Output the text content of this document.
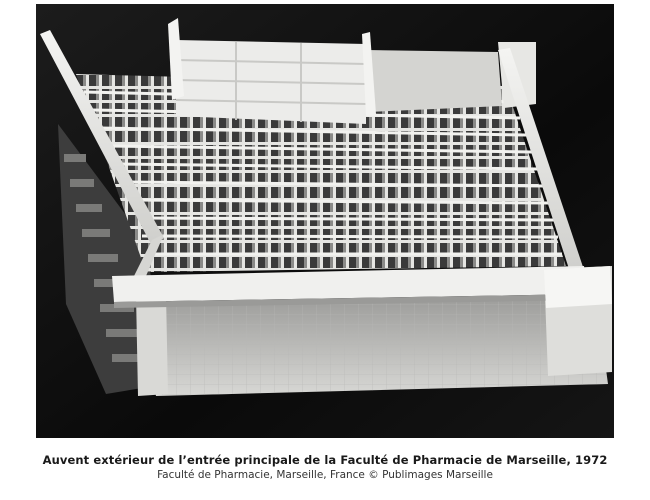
Auvent extérieur de l’entrée principale de la Faculté de Pharmacie de Marseille, 1972
Faculté de Pharmacie, Marseille, France © Publimages Marseille
